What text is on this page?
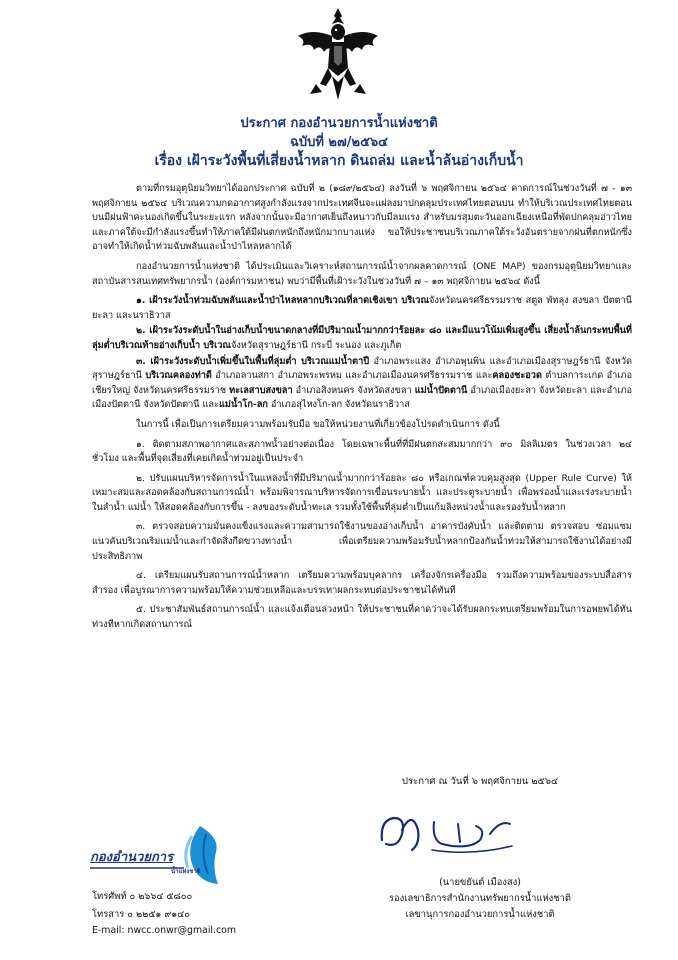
ประกาศ กองอำนวยการน้ำแห่งชาติ
ฉบับที่ ๒๗/๒๕๖๔
เรื่อง เฝ้าระวังพื้นที่เสี่ยงน้ำหลาก ดินถล่ม และน้ำล้นอ่างเก็บน้ำ

ตามที่กรมอุตุนิยมวิทยาได้ออกประกาศ ฉบับที่ ๒ (๑๘๙/๒๕๖๔) ลงวันที่ ๖ พฤศจิกายน ๒๕๖๔ คาดการณ์ในช่วงวันที่ ๗ - ๑๓ พฤศจิกายน ๒๕๖๔ บริเวณความกดอากาศสูงกำลังแรงจากประเทศจีนจะแผ่ลงมาปกคลุมประเทศไทยตอนบน ทำให้บริเวณประเทศไทยตอนบนมีฝนฟ้าคะนองเกิดขึ้นในระยะแรก หลังจากนั้นจะมีอากาศเย็นถึงหนาวกับมีลมแรง สำหรับมรสุมตะวันออกเฉียงเหนือที่พัดปกคลุมอ่าวไทยและภาคใต้จะมีกำลังแรงขึ้นทำให้ภาคใต้มีฝนตกหนักถึงหนักมากบางแห่ง ขอให้ประชาชนบริเวณภาคใต้ระวังอันตรายจากฝนที่ตกหนักซึ่งอาจทำให้เกิดน้ำท่วมฉับพลันและน้ำป่าไหลหลากได้

กองอำนวยการน้ำแห่งชาติ ได้ประเมินและวิเคราะห์สถานการณ์น้ำจากผลคาดการณ์ (ONE MAP) ของกรมอุตุนิยมวิทยาและสถาบันสารสนเทศทรัพยากรน้ำ (องค์การมหาชน) พบว่ามีพื้นที่เฝ้าระวังในช่วงวันที่ ๗ – ๑๓ พฤศจิกายน ๒๕๖๔ ดังนี้

๑. เฝ้าระวังน้ำท่วมฉับพลันและน้ำป่าไหลหลากบริเวณที่ลาดเชิงเขา บริเวณจังหวัดนครศรีธรรมราช สตูล พัทลุง สงขลา ปัตตานี ยะลา และนราธิวาส

๒. เฝ้าระวังระดับน้ำในอ่างเก็บน้ำขนาดกลางที่มีปริมาณน้ำมากกว่าร้อยละ ๘๐ และมีแนวโน้มเพิ่มสูงขึ้น เสี่ยงน้ำล้นกระทบพื้นที่ลุ่มต่ำบริเวณท้ายอ่างเก็บน้ำ บริเวณจังหวัดสุราษฎร์ธานี กระบี่ ระนอง และภูเก็ต

๓. เฝ้าระวังระดับน้ำเพิ่มขึ้นในพื้นที่ลุ่มต่ำ บริเวณแม่น้ำตาปี อำเภอพระแสง อำเภอพุนพิน และอำเภอเมืองสุราษฎร์ธานี จังหวัดสุราษฎร์ธานี บริเวณคลองท่าดี อำเภอลานสกา อำเภอพระพรหม และอำเภอเมืองนครศรีธรรมราช และคลองชะอวด ตำบลการะเกด อำเภอเชียรใหญ่ จังหวัดนครศรีธรรมราช ทะเลสาบสงขลา อำเภอสิงหนคร จังหวัดสงขลา แม่น้ำปัตตานี อำเภอเมืองยะลา จังหวัดยะลา และอำเภอเมืองปัตตานี จังหวัดปัตตานี และแม่น้ำโก-ลก อำเภอสุไหงโก-ลก จังหวัดนราธิวาส

ในการนี้ เพื่อเป็นการเตรียมความพร้อมรับมือ ขอให้หน่วยงานที่เกี่ยวข้องโปรดดำเนินการ ดังนี้

๑. ติดตามสภาพอากาศและสภาพน้ำอย่างต่อเนื่อง โดยเฉพาะพื้นที่ที่มีฝนตกสะสมมากกว่า ๙๐ มิลลิเมตร ในช่วงเวลา ๒๔ ชั่วโมง และพื้นที่จุดเสี่ยงที่เคยเกิดน้ำท่วมอยู่เป็นประจำ

๒. ปรับแผนบริหารจัดการน้ำในแหล่งน้ำที่มีปริมาณน้ำมากกว่าร้อยละ ๘๐ หรือเกณฑ์ควบคุมสูงสุด (Upper Rule Curve) ให้เหมาะสมและสอดคล้องกับสถานการณ์น้ำ พร้อมพิจารณาบริหารจัดการเขื่อนระบายน้ำ และประตูระบายน้ำ เพื่อพร่องน้ำและเร่งระบายน้ำในลำน้ำ แม่น้ำ ให้สอดคล้องกับการขึ้น - ลงของระดับน้ำทะเล รวมทั้งใช้พื้นที่ลุ่มต่ำเป็นแก้มลิงหน่วงน้ำและรองรับน้ำหลาก

๓. ตรวจสอบความมั่นคงแข็งแรงและความสามารถใช้งานของอ่างเก็บน้ำ อาคารบังคับน้ำ และติดตาม ตรวจสอบ ซ่อมแซม แนวคันบริเวณริมแม่น้ำและกำจัดสิ่งกีดขวางทางน้ำ เพื่อเตรียมความพร้อมรับน้ำหลากป้องกันน้ำท่วมให้สามารถใช้งานได้อย่างมีประสิทธิภาพ

๔. เตรียมแผนรับสถานการณ์น้ำหลาก เตรียมความพร้อมบุคลากร เครื่องจักรเครื่องมือ รวมถึงความพร้อมของระบบสื่อสารสำรอง เพื่อบูรณาการความพร้อมให้ความช่วยเหลือและบรรเทาผลกระทบต่อประชาชนได้ทันที

๕. ประชาสัมพันธ์สถานการณ์น้ำ และแจ้งเตือนล่วงหน้า ให้ประชาชนที่คาดว่าจะได้รับผลกระทบเตรียมพร้อมในการอพยพได้ทันท่วงทีหากเกิดสถานการณ์

ประกาศ ณ วันที่ ๖ พฤศจิกายน ๒๕๖๔
(นายขยันต์ เมืองสง)
รองเลขาธิการสำนักงานทรัพยากรน้ำแห่งชาติ
เลขานุการกองอำนวยการน้ำแห่งชาติ
กองอำนวยการ
น้ำแห่งชาติ
โทรศัพท์ ๐ ๒๖๖๔ ๕๘๐๐
โทรสาร ๐ ๒๒๕๑ ๙๑๔๐
E-mail: nwcc.onwr@gmail.com
